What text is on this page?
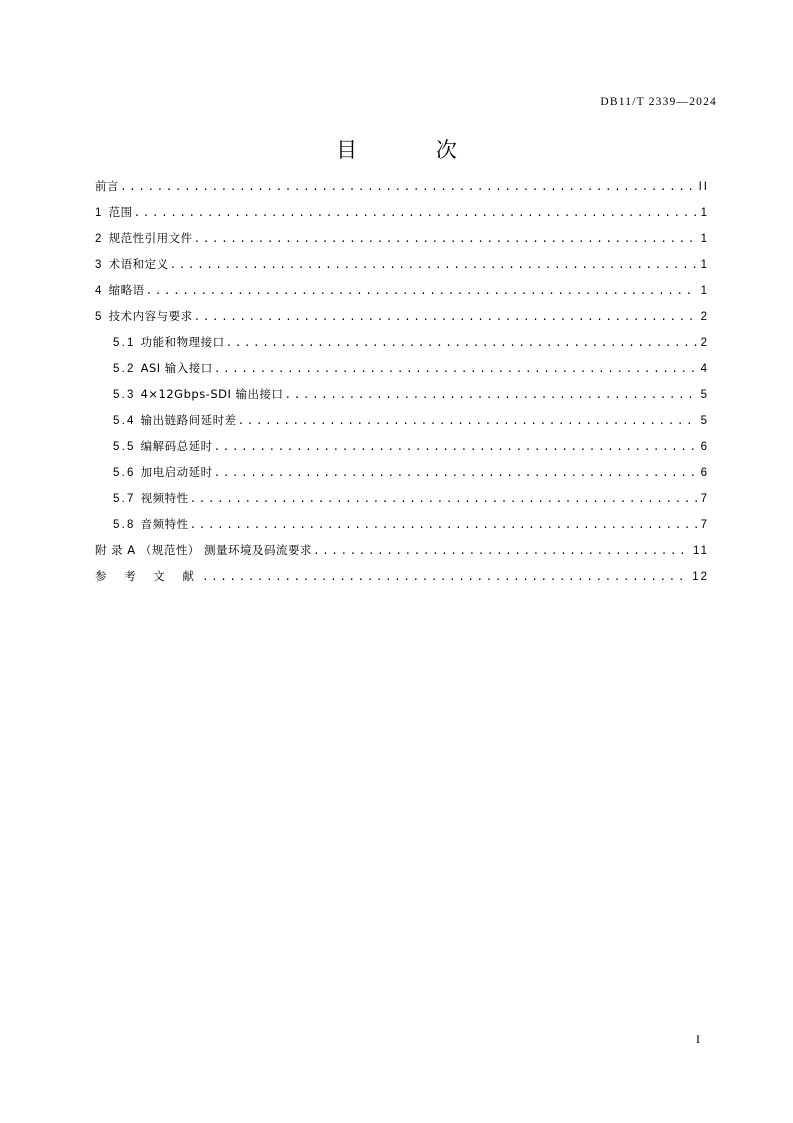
DB11/T 2339—2024
目 次
前言 .....	II
1 范围 .....	1
2 规范性引用文件 .....	1
3 术语和定义 .....	1
4 缩略语 .....	1
5 技术内容与要求 .....	2
5.1 功能和物理接口 .....	2
5.2 ASI 输入接口 .....	4
5.3 4×12Gbps-SDI 输出接口 .....	5
5.4 输出链路间延时差 .....	5
5.5 编解码总延时 .....	6
5.6 加电启动延时 .....	6
5.7 视频特性 .....	7
5.8 音频特性 .....	7
附 录 A （规范性） 测量环境及码流要求 .....	11
参 考 文 献 .....	12
I
